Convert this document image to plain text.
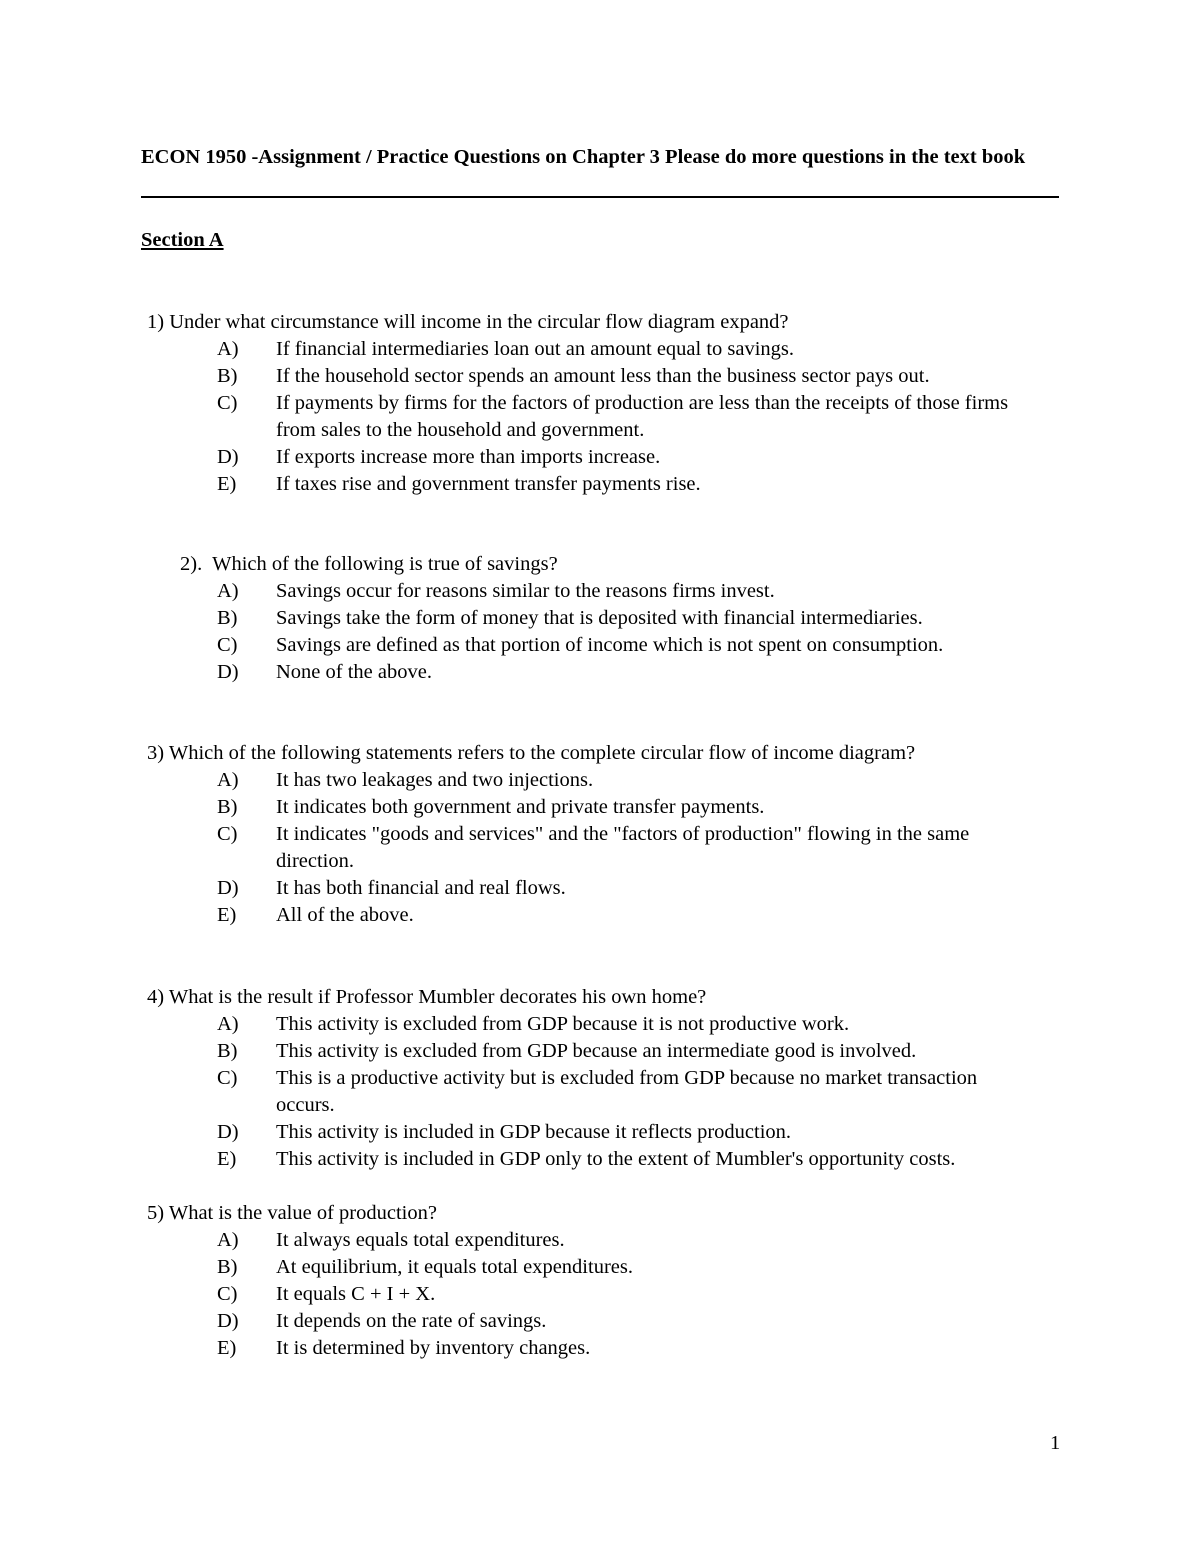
ECON 1950 -Assignment / Practice Questions on Chapter 3 Please do more questions in the text book
Section A
1) Under what circumstance will income in the circular flow diagram expand?
A) If financial intermediaries loan out an amount equal to savings.
B) If the household sector spends an amount less than the business sector pays out.
C) If payments by firms for the factors of production are less than the receipts of those firms from sales to the household and government.
D) If exports increase more than imports increase.
E) If taxes rise and government transfer payments rise.
2). Which of the following is true of savings?
A) Savings occur for reasons similar to the reasons firms invest.
B) Savings take the form of money that is deposited with financial intermediaries.
C) Savings are defined as that portion of income which is not spent on consumption.
D) None of the above.
3) Which of the following statements refers to the complete circular flow of income diagram?
A) It has two leakages and two injections.
B) It indicates both government and private transfer payments.
C) It indicates "goods and services" and the "factors of production" flowing in the same direction.
D) It has both financial and real flows.
E) All of the above.
4) What is the result if Professor Mumbler decorates his own home?
A) This activity is excluded from GDP because it is not productive work.
B) This activity is excluded from GDP because an intermediate good is involved.
C) This is a productive activity but is excluded from GDP because no market transaction occurs.
D) This activity is included in GDP because it reflects production.
E) This activity is included in GDP only to the extent of Mumbler's opportunity costs.
5) What is the value of production?
A) It always equals total expenditures.
B) At equilibrium, it equals total expenditures.
C) It equals C + I + X.
D) It depends on the rate of savings.
E) It is determined by inventory changes.
1
